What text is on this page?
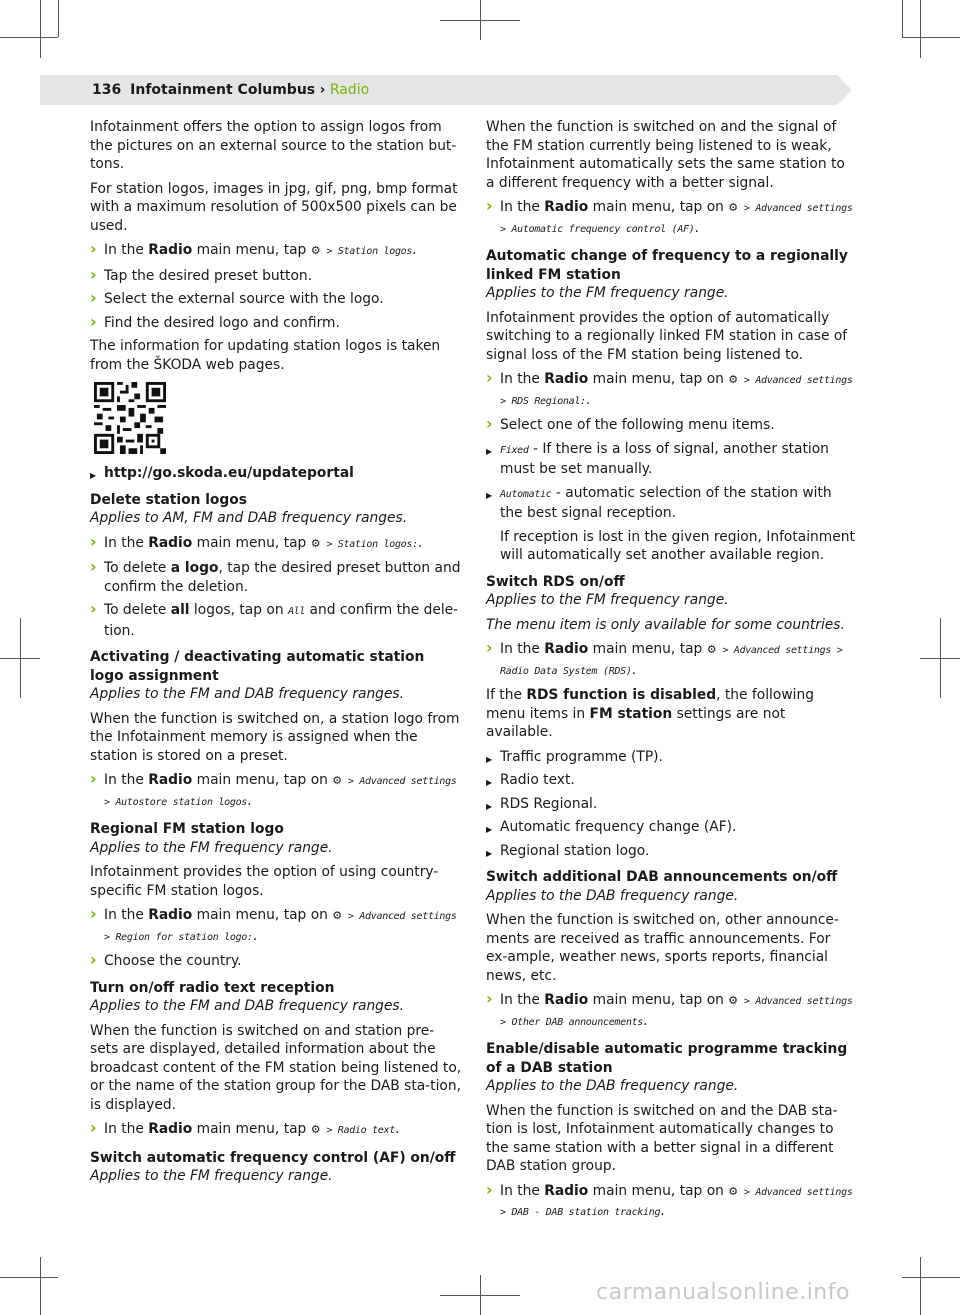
136 Infotainment Columbus › Radio

Infotainment offers the option to assign logos from the pictures on an external source to the station but-tons.

For station logos, images in jpg, gif, png, bmp format with a maximum resolution of 500x500 pixels can be used.

› In the Radio main menu, tap ⚙ > Station logos.
› Tap the desired preset button.
› Select the external source with the logo.
› Find the desired logo and confirm.

The information for updating station logos is taken from the ŠKODA web pages.

▶ http://go.skoda.eu/updateportal
Delete station logos
Applies to AM, FM and DAB frequency ranges.
› In the Radio main menu, tap ⚙ > Station logos:.
› To delete a logo, tap the desired preset button and confirm the deletion.
› To delete all logos, tap on All and confirm the dele-tion.
Activating / deactivating automatic station logo assignment
Applies to the FM and DAB frequency ranges.

When the function is switched on, a station logo from the Infotainment memory is assigned when the station is stored on a preset.

› In the Radio main menu, tap on ⚙ > Advanced settings > Autostore station logos.
Regional FM station logo
Applies to the FM frequency range.

Infotainment provides the option of using country-specific FM station logos.

› In the Radio main menu, tap on ⚙ > Advanced settings > Region for station logo:.
› Choose the country.
Turn on/off radio text reception
Applies to the FM and DAB frequency ranges.

When the function is switched on and station pre-sets are displayed, detailed information about the broadcast content of the FM station being listened to, or the name of the station group for the DAB sta-tion, is displayed.

› In the Radio main menu, tap ⚙ > Radio text.
Switch automatic frequency control (AF) on/off
Applies to the FM frequency range.

When the function is switched on and the signal of the FM station currently being listened to is weak, Infotainment automatically sets the same station to a different frequency with a better signal.

› In the Radio main menu, tap on ⚙ > Advanced settings > Automatic frequency control (AF).
Automatic change of frequency to a regionally linked FM station
Applies to the FM frequency range.

Infotainment provides the option of automatically switching to a regionally linked FM station in case of signal loss of the FM station being listened to.

› In the Radio main menu, tap on ⚙ > Advanced settings > RDS Regional:.
› Select one of the following menu items.
▶ Fixed - If there is a loss of signal, another station must be set manually.
▶ Automatic - automatic selection of the station with the best signal reception.
If reception is lost in the given region, Infotainment will automatically set another available region.
Switch RDS on/off
Applies to the FM frequency range.
The menu item is only available for some countries.
› In the Radio main menu, tap ⚙ > Advanced settings > Radio Data System (RDS).

If the RDS function is disabled, the following menu items in FM station settings are not available.

▶ Traffic programme (TP).
▶ Radio text.
▶ RDS Regional.
▶ Automatic frequency change (AF).
▶ Regional station logo.
Switch additional DAB announcements on/off
Applies to the DAB frequency range.

When the function is switched on, other announce-ments are received as traffic announcements. For ex-ample, weather news, sports reports, financial news, etc.

› In the Radio main menu, tap on ⚙ > Advanced settings > Other DAB announcements.
Enable/disable automatic programme tracking of a DAB station
Applies to the DAB frequency range.

When the function is switched on and the DAB sta-tion is lost, Infotainment automatically changes to the same station with a better signal in a different DAB station group.

› In the Radio main menu, tap on ⚙ > Advanced settings > DAB - DAB station tracking.
carmanualsonline.info
